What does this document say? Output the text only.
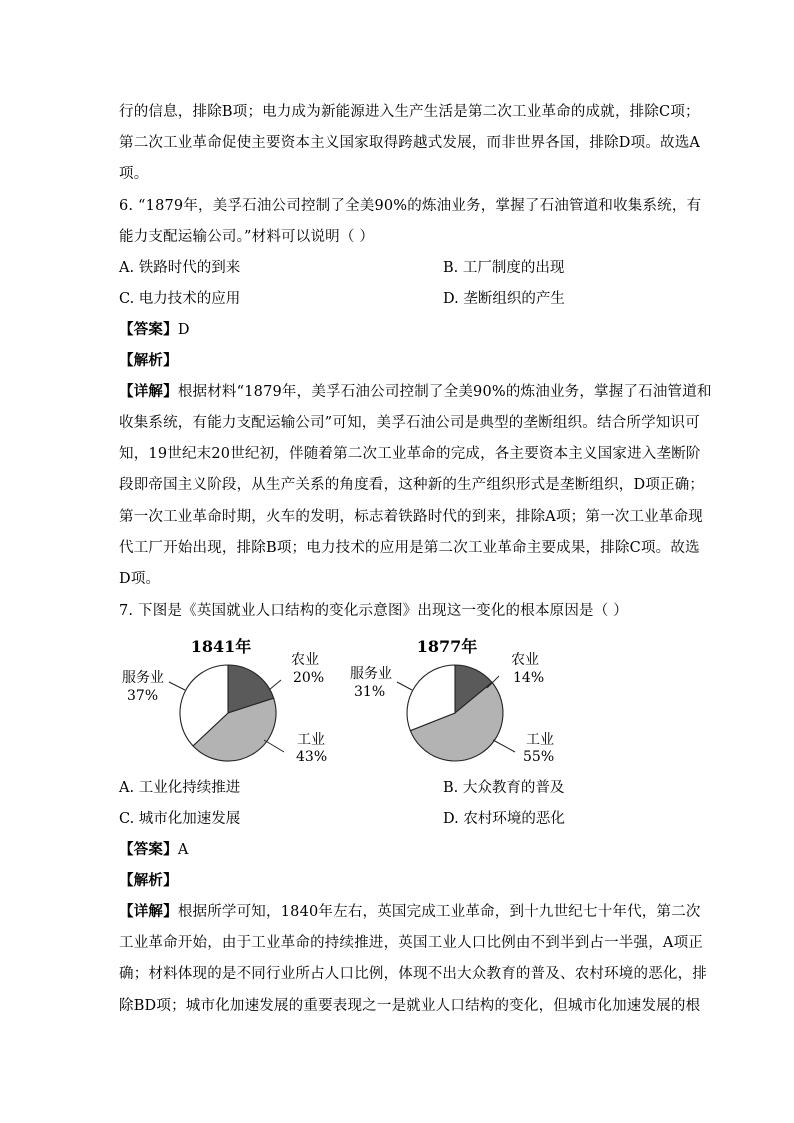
行的信息，排除B项；电力成为新能源进入生产生活是第二次工业革命的成就，排除C项；
第二次工业革命促使主要资本主义国家取得跨越式发展，而非世界各国，排除D项。故选A
项。
6. “1879年，美孚石油公司控制了全美90%的炼油业务，掌握了石油管道和收集系统，有
能力支配运输公司。”材料可以说明（ ）
A. 铁路时代的到来	B. 工厂制度的出现
C. 电力技术的应用	D. 垄断组织的产生
【答案】D
【解析】
【详解】根据材料“1879年，美孚石油公司控制了全美90%的炼油业务，掌握了石油管道和
收集系统，有能力支配运输公司”可知，美孚石油公司是典型的垄断组织。结合所学知识可
知，19世纪末20世纪初，伴随着第二次工业革命的完成，各主要资本主义国家进入垄断阶
段即帝国主义阶段，从生产关系的角度看，这种新的生产组织形式是垄断组织，D项正确；
第一次工业革命时期，火车的发明，标志着铁路时代的到来，排除A项；第一次工业革命现
代工厂开始出现，排除B项；电力技术的应用是第二次工业革命主要成果，排除C项。故选
D项。
7. 下图是《英国就业人口结构的变化示意图》出现这一变化的根本原因是（ ）
1841年
农业
20%
工业
43%
服务业
37%
1877年
农业
14%
工业
55%
服务业
31%
A. 工业化持续推进	B. 大众教育的普及
C. 城市化加速发展	D. 农村环境的恶化
【答案】A
【解析】
【详解】根据所学可知，1840年左右，英国完成工业革命，到十九世纪七十年代，第二次
工业革命开始，由于工业革命的持续推进，英国工业人口比例由不到半到占一半强，A项正
确；材料体现的是不同行业所占人口比例，体现不出大众教育的普及、农村环境的恶化，排
除BD项；城市化加速发展的重要表现之一是就业人口结构的变化，但城市化加速发展的根
